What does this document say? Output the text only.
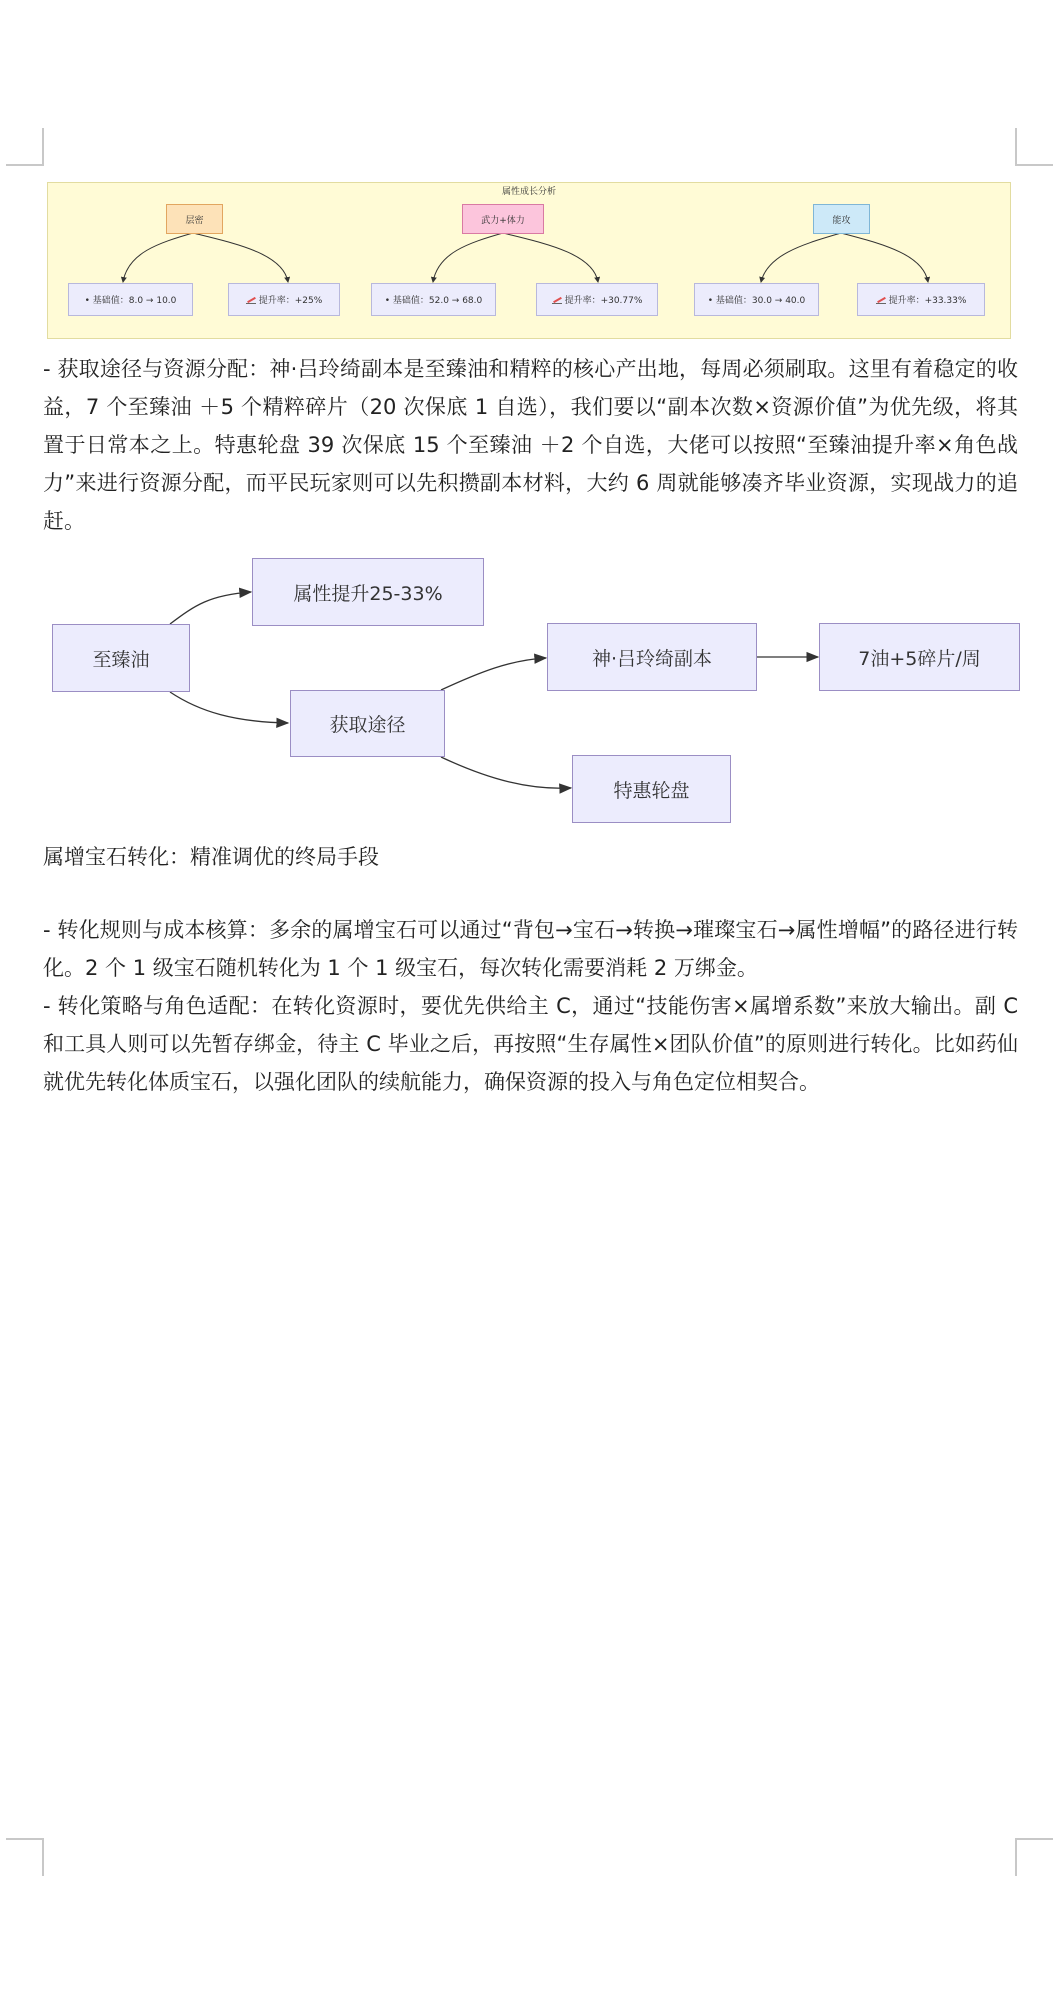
属性成长分析
层密	武力+体力	能攻
• 基础值：8.0 → 10.0	提升率：+25%	• 基础值：52.0 → 68.0	提升率：+30.77%	• 基础值：30.0 → 40.0	提升率：+33.33%

- 获取途径与资源分配：神·吕玲绮副本是至臻油和精粹的核心产出地，每周必须刷取。这里有着稳定的收益，7 个至臻油 ＋5 个精粹碎片（20 次保底 1 自选），我们要以“副本次数×资源价值”为优先级，将其置于日常本之上。特惠轮盘 39 次保底 15 个至臻油 ＋2 个自选，大佬可以按照“至臻油提升率×角色战力”来进行资源分配，而平民玩家则可以先积攒副本材料，大约 6 周就能够凑齐毕业资源，实现战力的追赶。

至臻油
属性提升25-33%
获取途径
神·吕玲绮副本	7油+5碎片/周
特惠轮盘
属增宝石转化：精准调优的终局手段

- 转化规则与成本核算：多余的属增宝石可以通过“背包→宝石→转换→璀璨宝石→属性增幅”的路径进行转化。2 个 1 级宝石随机转化为 1 个 1 级宝石，每次转化需要消耗 2 万绑金。

- 转化策略与角色适配：在转化资源时，要优先供给主 C，通过“技能伤害×属增系数”来放大输出。副 C 和工具人则可以先暂存绑金，待主 C 毕业之后，再按照“生存属性×团队价值”的原则进行转化。比如药仙就优先转化体质宝石，以强化团队的续航能力，确保资源的投入与角色定位相契合。
